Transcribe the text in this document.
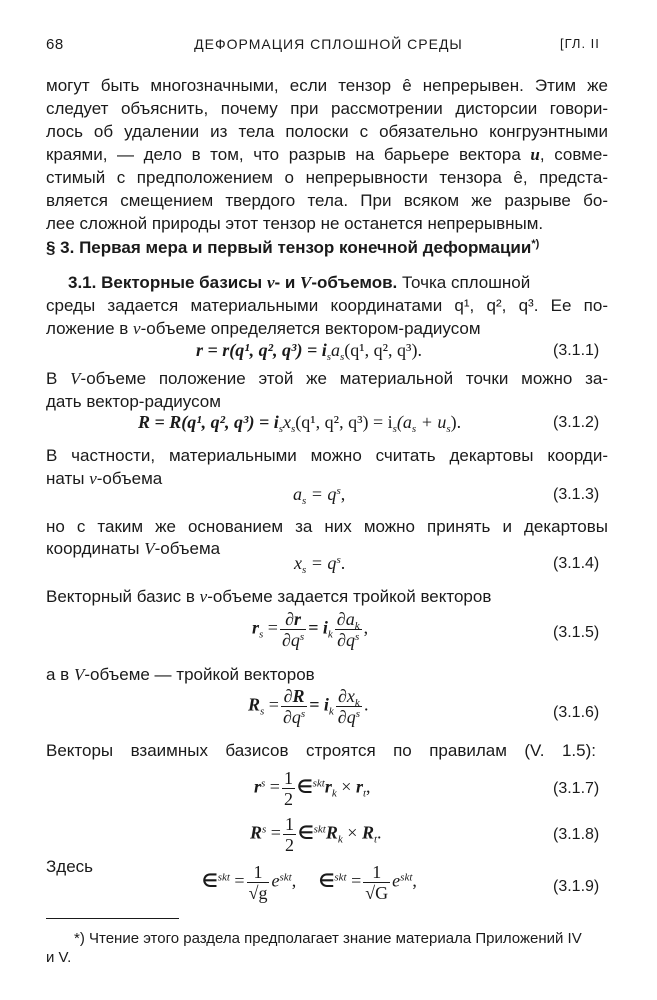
68	ДЕФОРМАЦИЯ СПЛОШНОЙ СРЕДЫ	[ГЛ. II
могут быть многозначными, если тензор ȇ непрерывен. Этим же
следует объяснить, почему при рассмотрении дисторсии говори-
лось об удалении из тела полоски с обязательно конгруэнтными
краями, — дело в том, что разрыв на барьере вектора u, совме-
стимый с предположением о непрерывности тензора ȇ, предста-
вляется смещением твердого тела. При всяком же разрыве бо-
лее сложной природы этот тензор не останется непрерывным.
§ 3. Первая мера и первый тензор конечной деформации*)
3.1. Векторные базисы v- и V-объемов. Точка сплошной
среды задается материальными координатами q¹, q², q³. Ее по-
ложение в v-объеме определяется вектором-радиусом
r = r(q¹, q², $q^3) = i_sa_s(q^1$, q², q³).	(3.1.1)
В V-объеме положение этой же материальной точки можно за-
дать вектор-радиусом
R = R(q¹, q², $q^3) = i_sx_s(q^1$, q², $q^3) = i_s(a_s + u_s)$.	(3.1.2)
В частности, материальными можно считать декартовы коорди-
наты v-объема
$a_s = q^s$,	(3.1.3)
но с таким же основанием за них можно принять и декартовы
координаты V-объема
$x_s = q^s$.	(3.1.4)
Векторный базис в v-объеме задается тройкой векторов
$r_s = \frac{\partial r}{\partial q^s} = i_k \frac{\partial a_k}{\partial q^s}$ ,	(3.1.5)
а в V-объеме — тройкой векторов
$R_s = \frac{\partial R}{\partial q^s} = i_k \frac{\partial x_k}{\partial q^s}$ .	(3.1.6)
Векторы взаимных базисов строятся по правилам (V. 1.5):
$r^s = \frac{1}{2}$ $\in^{skt}r_k \times r_t$,	(3.1.7)
$R^s = \frac{1}{2}$ $\in^{skt}R_k \times R_t$.	(3.1.8)
Здесь
∈$^{skt}$ = $\frac{1}{√g} e^{skt}$, ∈$^{skt}$ = $\frac{1}{√G} e^{skt}$,	(3.1.9)
*) Чтение этого раздела предполагает знание материала Приложений IV
и V.
